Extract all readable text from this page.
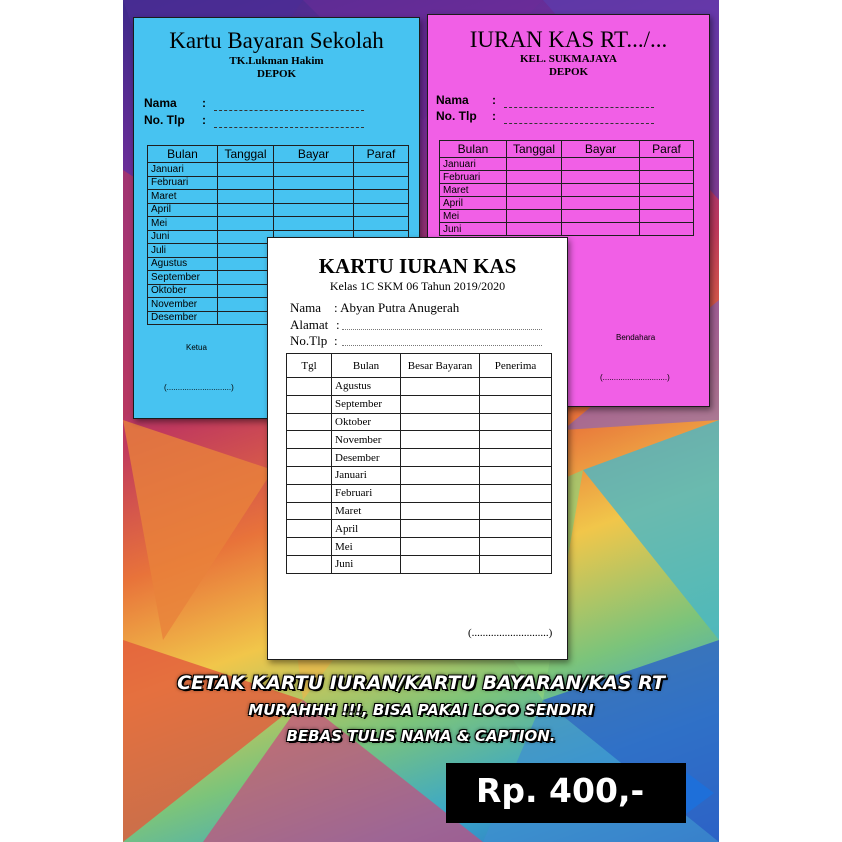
Kartu Bayaran Sekolah
TK.Lukman Hakim
DEPOK
Nama :
No. Tlp :
Bulan	Tanggal	Bayar	Paraf
Januari			
Februari			
Maret			
April			
Mei			
Juni			
Juli			
Agustus			
September			
Oktober			
November			
Desember			
Ketua
(.............................)
IURAN KAS RT.../...
KEL. SUKMAJAYA
DEPOK
Nama :
No. Tlp :
Bulan	Tanggal	Bayar	Paraf
Januari			
Februari			
Maret			
April			
Mei			
Juni			
Bendahara
(.............................)
KARTU IURAN KAS
Kelas 1C SKM 06 Tahun 2019/2020
Nama : Abyan Putra Anugerah
Alamat :
No.Tlp :
Tgl	Bulan	Besar Bayaran	Penerima
	Agustus		
	September		
	Oktober		
	November		
	Desember		
	Januari		
	Februari		
	Maret		
	April		
	Mei		
	Juni		
(............................)
CETAK KARTU IURAN/KARTU BAYARAN/KAS RT
MURAHHH !!!, BISA PAKAI LOGO SENDIRI
BEBAS TULIS NAMA & CAPTION.
Rp. 400,-
